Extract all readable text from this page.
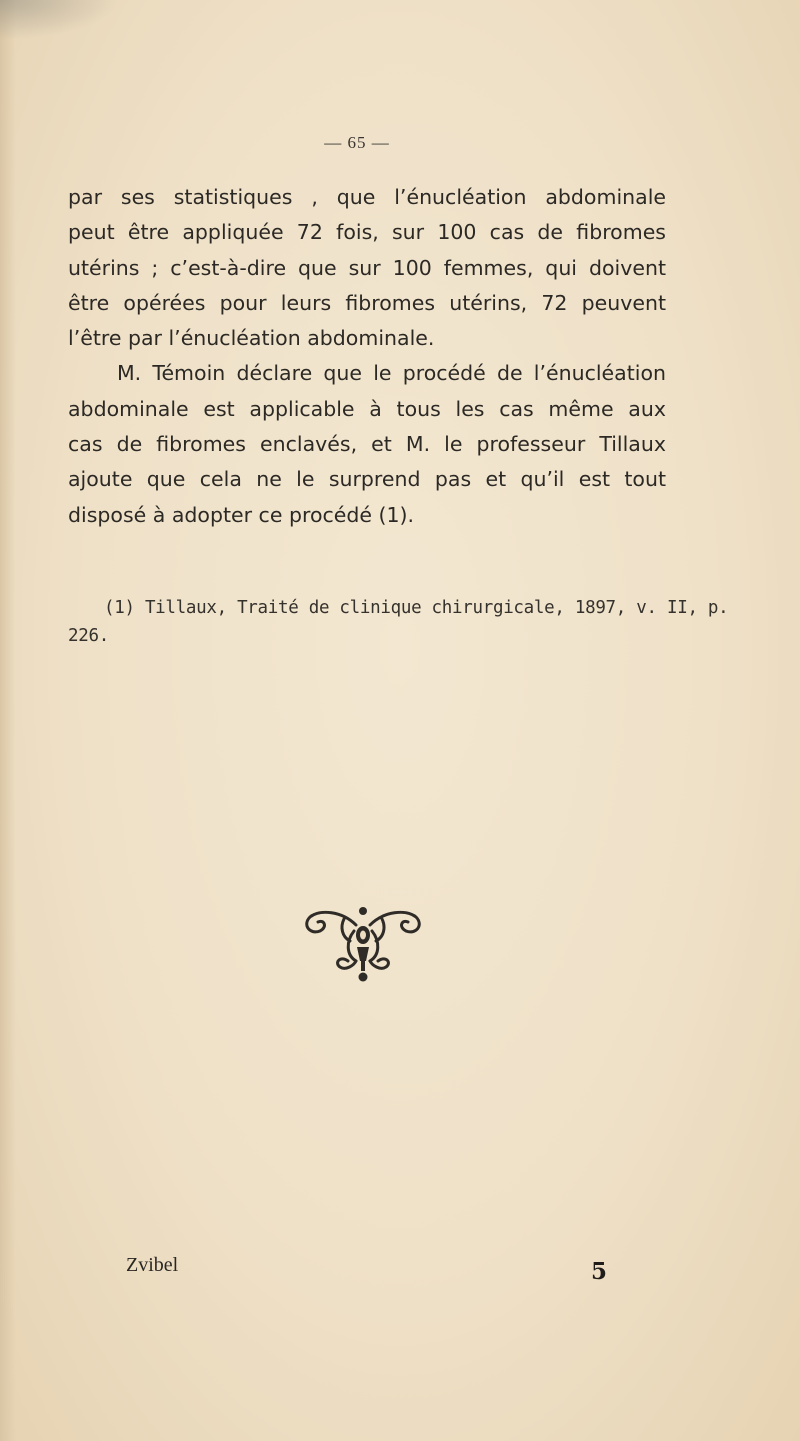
— 65 —

par ses statistiques , que l’énucléation abdominale

peut être appliquée 72 fois, sur 100 cas de fibromes

utérins ; c’est-à-dire que sur 100 femmes, qui doivent

être opérées pour leurs fibromes utérins, 72 peuvent

l’être par l’énucléation abdominale.

M. Témoin déclare que le procédé de l’énucléation

abdominale est applicable à tous les cas même aux

cas de fibromes enclavés, et M. le professeur Tillaux

ajoute que cela ne le surprend pas et qu’il est tout

disposé à adopter ce procédé (1).

(1) Tillaux, Traité de clinique chirurgicale, 1897, v. II, p.
226.
Zvibel	5
